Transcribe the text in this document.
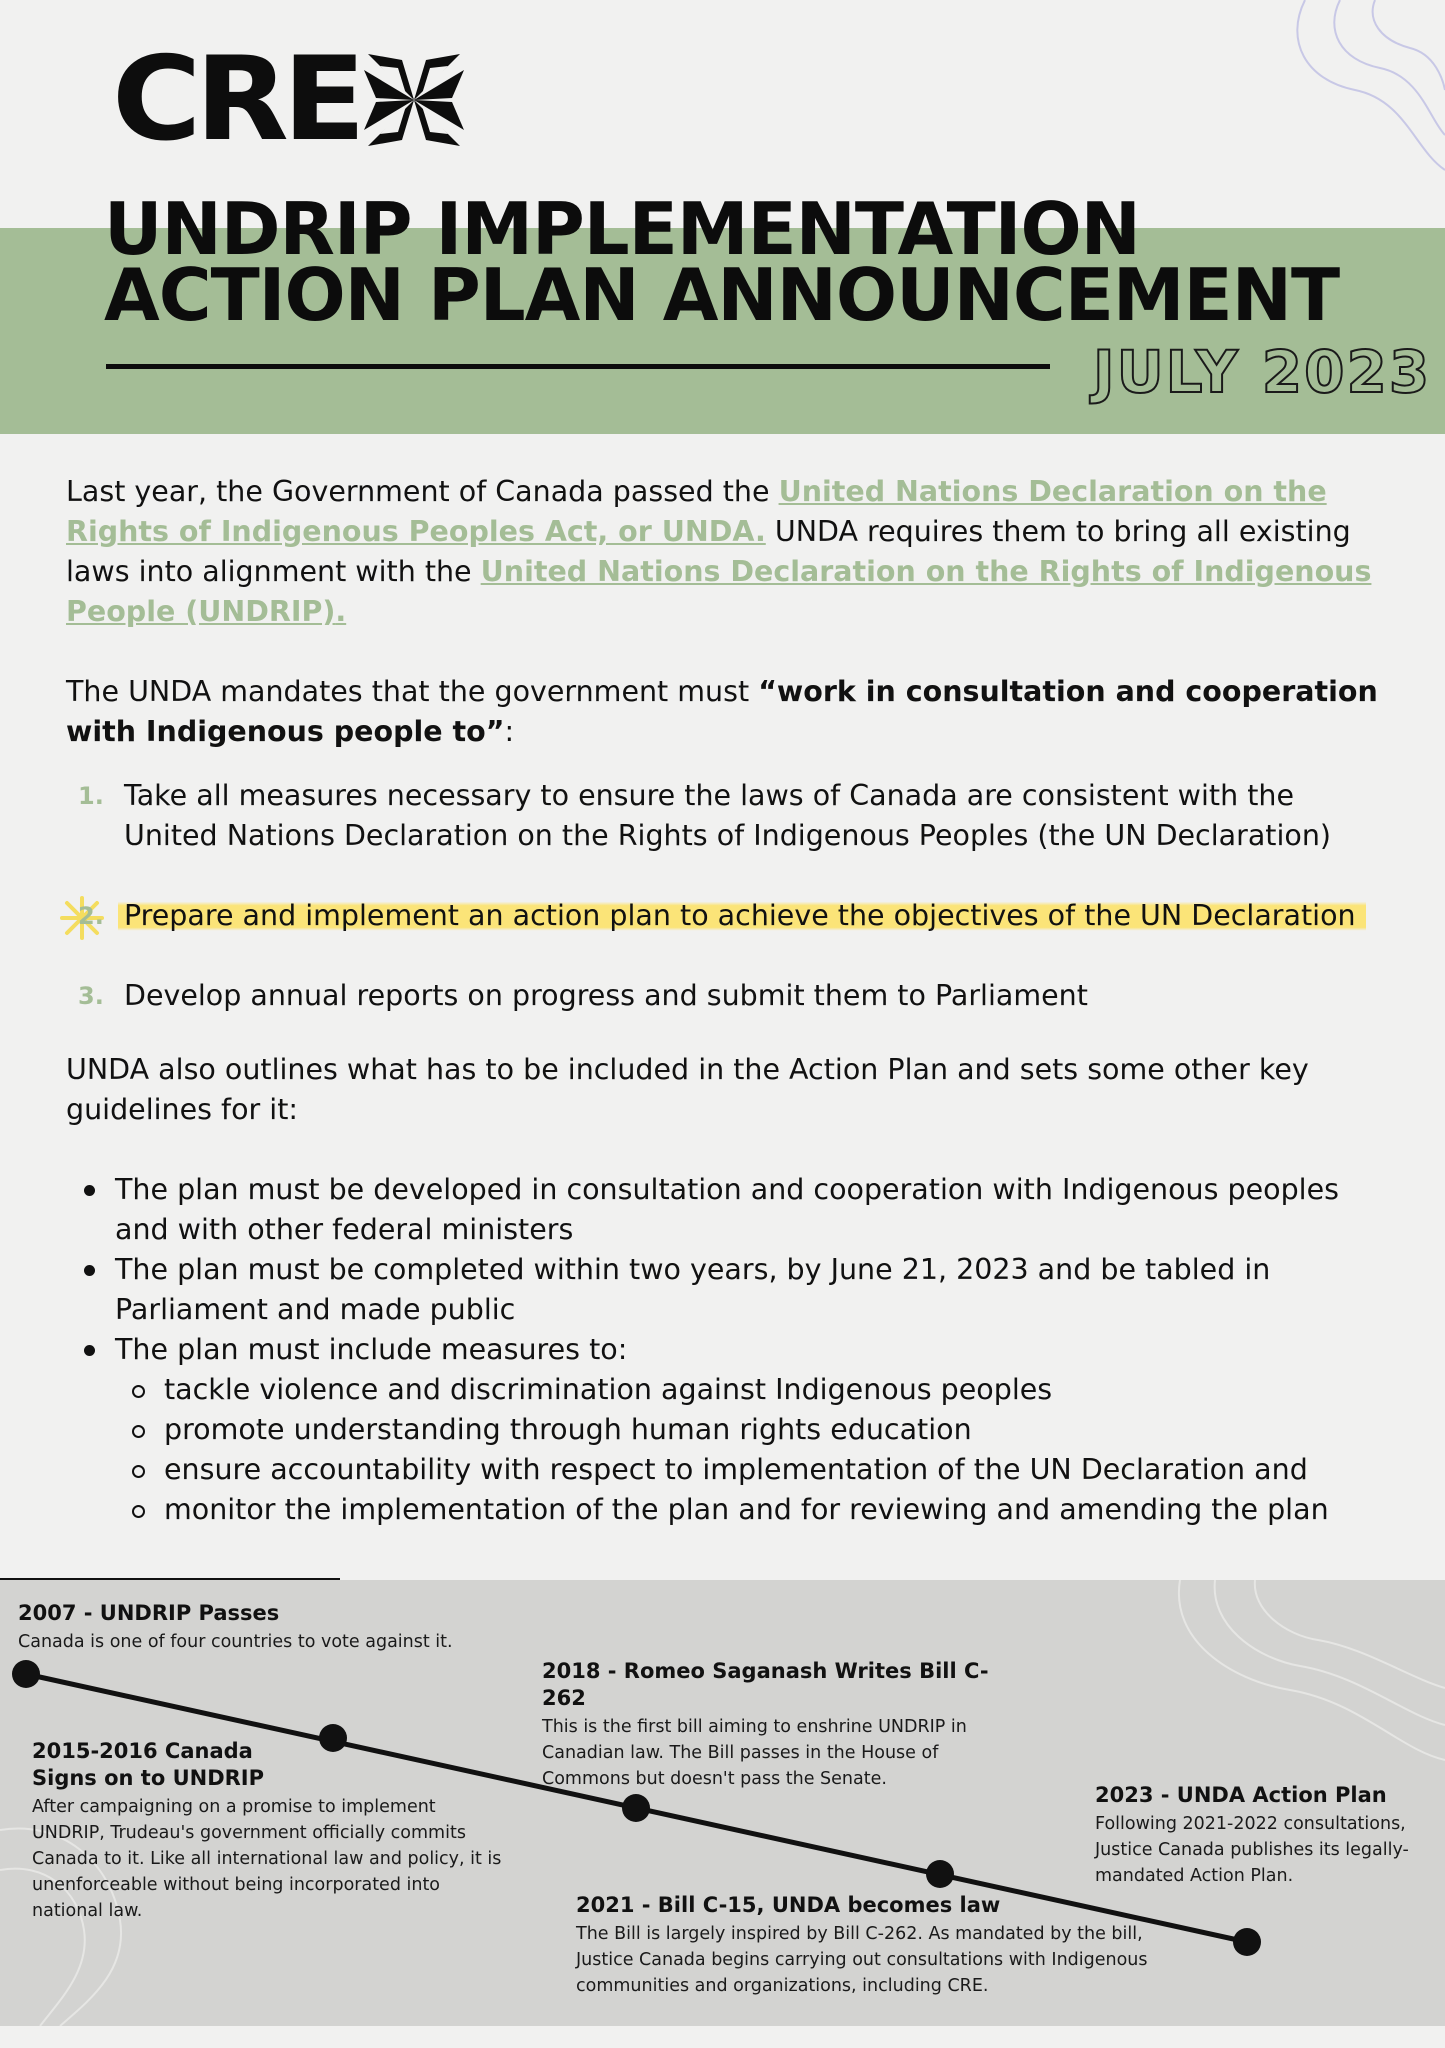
CRE
UNDRIP IMPLEMENTATION
ACTION PLAN ANNOUNCEMENT
JULY 2023

Last year, the Government of Canada passed the United Nations Declaration on the Rights of Indigenous Peoples Act, or UNDA. UNDA requires them to bring all existing laws into alignment with the United Nations Declaration on the Rights of Indigenous People (UNDRIP).

The UNDA mandates that the government must “work in consultation and cooperation with Indigenous people to”:

1. Take all measures necessary to ensure the laws of Canada are consistent with the United Nations Declaration on the Rights of Indigenous Peoples (the UN Declaration)
2. Prepare and implement an action plan to achieve the objectives of the UN Declaration
3. Develop annual reports on progress and submit them to Parliament

UNDA also outlines what has to be included in the Action Plan and sets some other key guidelines for it:

The plan must be developed in consultation and cooperation with Indigenous peoples and with other federal ministers
The plan must be completed within two years, by June 21, 2023 and be tabled in Parliament and made public
The plan must include measures to:
tackle violence and discrimination against Indigenous peoples
promote understanding through human rights education
ensure accountability with respect to implementation of the UN Declaration and
monitor the implementation of the plan and for reviewing and amending the plan
2007 - UNDRIP Passes

Canada is one of four countries to vote against it.

2015-2016 Canada Signs on to UNDRIP

After campaigning on a promise to implement UNDRIP, Trudeau's government officially commits Canada to it. Like all international law and policy, it is unenforceable without being incorporated into national law.

2018 - Romeo Saganash Writes Bill C-262

This is the first bill aiming to enshrine UNDRIP in Canadian law. The Bill passes in the House of Commons but doesn't pass the Senate.

2021 - Bill C-15, UNDA becomes law

The Bill is largely inspired by Bill C-262. As mandated by the bill, Justice Canada begins carrying out consultations with Indigenous communities and organizations, including CRE.

2023 - UNDA Action Plan

Following 2021-2022 consultations, Justice Canada publishes its legally-mandated Action Plan.
